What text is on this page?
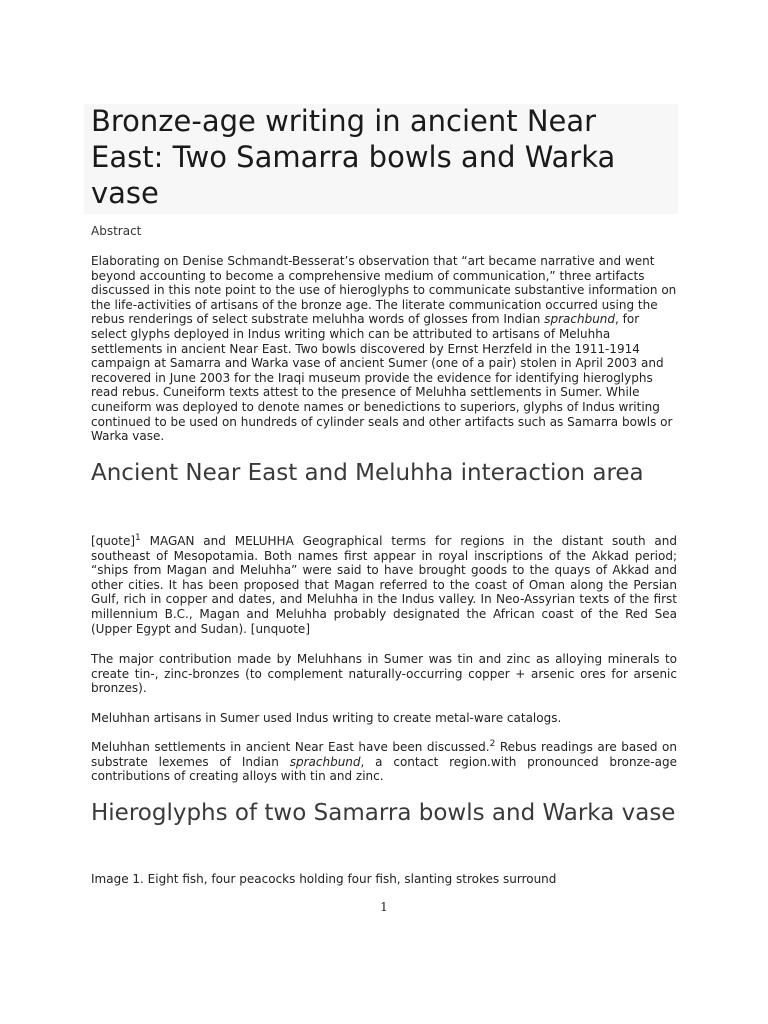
Bronze-age writing in ancient Near East: Two Samarra bowls and Warka vase

Abstract

Elaborating on Denise Schmandt-Besserat’s observation that “art became narrative and went beyond accounting to become a comprehensive medium of communication,” three artifacts discussed in this note point to the use of hieroglyphs to communicate substantive information on the life-activities of artisans of the bronze age. The literate communication occurred using the rebus renderings of select substrate meluhha words of glosses from Indian sprachbund, for select glyphs deployed in Indus writing which can be attributed to artisans of Meluhha settlements in ancient Near East. Two bowls discovered by Ernst Herzfeld in the 1911-1914 campaign at Samarra and Warka vase of ancient Sumer (one of a pair) stolen in April 2003 and recovered in June 2003 for the Iraqi museum provide the evidence for identifying hieroglyphs read rebus. Cuneiform texts attest to the presence of Meluhha settlements in Sumer. While cuneiform was deployed to denote names or benedictions to superiors, glyphs of Indus writing continued to be used on hundreds of cylinder seals and other artifacts such as Samarra bowls or Warka vase.

Ancient Near East and Meluhha interaction area

[quote]$^1$ MAGAN and MELUHHA Geographical terms for regions in the distant south and southeast of Mesopotamia. Both names first appear in royal inscriptions of the Akkad period; “ships from Magan and Meluhha” were said to have brought goods to the quays of Akkad and other cities. It has been proposed that Magan referred to the coast of Oman along the Persian Gulf, rich in copper and dates, and Meluhha in the Indus valley. In Neo-Assyrian texts of the first millennium B.C., Magan and Meluhha probably designated the African coast of the Red Sea (Upper Egypt and Sudan). [unquote]

The major contribution made by Meluhhans in Sumer was tin and zinc as alloying minerals to create tin-, zinc-bronzes (to complement naturally-occurring copper + arsenic ores for arsenic bronzes).

Meluhhan artisans in Sumer used Indus writing to create metal-ware catalogs.

Meluhhan settlements in ancient Near East have been discussed.$^2$ Rebus readings are based on substrate lexemes of Indian sprachbund, a contact region.with pronounced bronze-age contributions of creating alloys with tin and zinc.

Hieroglyphs of two Samarra bowls and Warka vase

Image 1. Eight fish, four peacocks holding four fish, slanting strokes surround

1
